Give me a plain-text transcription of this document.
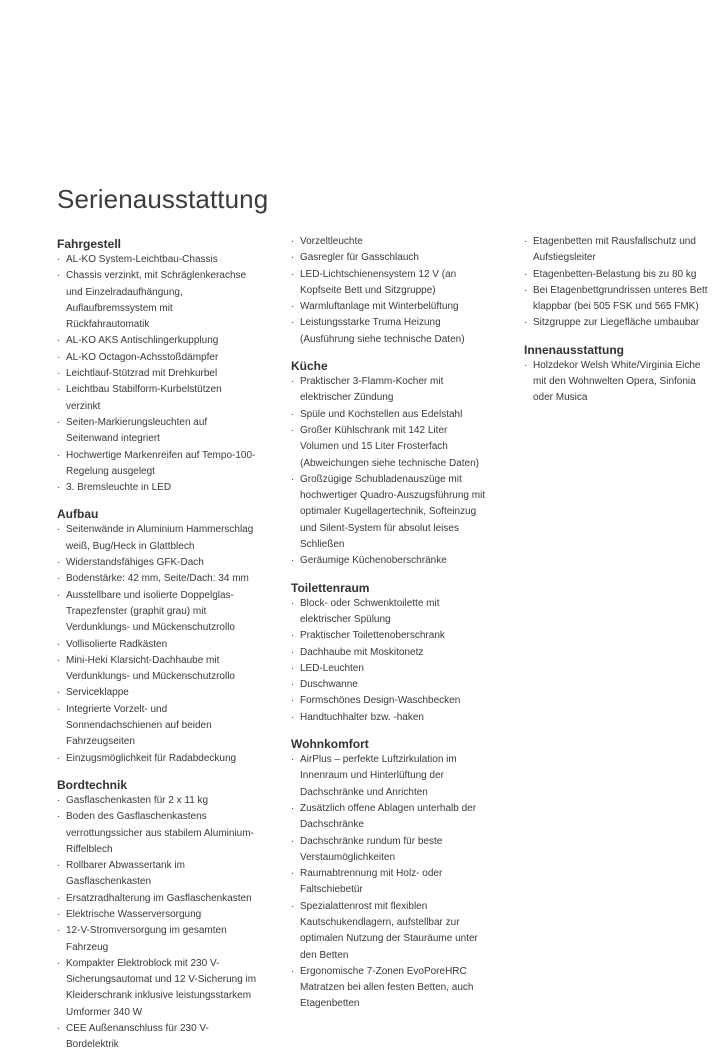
Serienausstattung
Fahrgestell
· AL-KO System-Leichtbau-Chassis
· Chassis verzinkt, mit Schräglenkerachse und Einzelradaufhängung, Auflaufbremssystem mit Rückfahrautomatik
· AL-KO AKS Antischlingerkupplung
· AL-KO Octagon-Achsstoßdämpfer
· Leichtlauf-Stützrad mit Drehkurbel
· Leichtbau Stabilform-Kurbelstützen verzinkt
· Seiten-Markierungsleuchten auf Seitenwand integriert
· Hochwertige Markenreifen auf Tempo-100-Regelung ausgelegt
· 3. Bremsleuchte in LED
Aufbau
· Seitenwände in Aluminium Hammerschlag weiß, Bug/Heck in Glattblech
· Widerstandsfähiges GFK-Dach
· Bodenstärke: 42 mm, Seite/Dach: 34 mm
· Ausstellbare und isolierte Doppelglas-Trapezfenster (graphit grau) mit Verdunklungs- und Mückenschutzrollo
· Vollisolierte Radkästen
· Mini-Heki Klarsicht-Dachhaube mit Verdunklungs- und Mückenschutzrollo
· Serviceklappe
· Integrierte Vorzelt- und Sonnendachschienen auf beiden Fahrzeugseiten
· Einzugsmöglichkeit für Radabdeckung
Bordtechnik
· Gasflaschenkasten für 2 x 11 kg
· Boden des Gasflaschenkastens verrottungssicher aus stabilem Aluminium-Riffelblech
· Rollbarer Abwassertank im Gasflaschenkasten
· Ersatzradhalterung im Gasflaschenkasten
· Elektrische Wasserversorgung
· 12-V-Stromversorgung im gesamten Fahrzeug
· Kompakter Elektroblock mit 230 V-Sicherungsautomat und 12 V-Sicherung im Kleiderschrank inklusive leistungsstarkem Umformer 340 W
· CEE Außenanschluss für 230 V-Bordelektrik
· Vorzeltleuchte
· Gasregler für Gasschlauch
· LED-Lichtschienensystem 12 V (an Kopfseite Bett und Sitzgruppe)
· Warmluftanlage mit Winterbelüftung
· Leistungsstarke Truma Heizung (Ausführung siehe technische Daten)
Küche
· Praktischer 3-Flamm-Kocher mit elektrischer Zündung
· Spüle und Kochstellen aus Edelstahl
· Großer Kühlschrank mit 142 Liter Volumen und 15 Liter Frosterfach (Abweichungen siehe technische Daten)
· Großzügige Schubladenauszüge mit hochwertiger Quadro-Auszugsführung mit optimaler Kugellagertechnik, Softeinzug und Silent-System für absolut leises Schließen
· Geräumige Küchenoberschränke
Toilettenraum
· Block- oder Schwenktoilette mit elektrischer Spülung
· Praktischer Toilettenoberschrank
· Dachhaube mit Moskitonetz
· LED-Leuchten
· Duschwanne
· Formschönes Design-Waschbecken
· Handtuchhalter bzw. -haken
Wohnkomfort
· AirPlus – perfekte Luftzirkulation im Innenraum und Hinterlüftung der Dachschränke und Anrichten
· Zusätzlich offene Ablagen unterhalb der Dachschränke
· Dachschränke rundum für beste Verstaumöglichkeiten
· Raumabtrennung mit Holz- oder Faltschiebetür
· Spezialattenrost mit flexiblen Kautschukendlagern, aufstellbar zur optimalen Nutzung der Stauräume unter den Betten
· Ergonomische 7-Zonen EvoPoreHRC Matratzen bei allen festen Betten, auch Etagenbetten
· Etagenbetten mit Rausfallschutz und Aufstiegsleiter
· Etagenbetten-Belastung bis zu 80 kg
· Bei Etagenbettgrundrissen unteres Bett klappbar (bei 505 FSK und 565 FMK)
· Sitzgruppe zur Liegefläche umbaubar
Innenausstattung
· Holzdekor Welsh White/Virginia Eiche mit den Wohnwelten Opera, Sinfonia oder Musica
